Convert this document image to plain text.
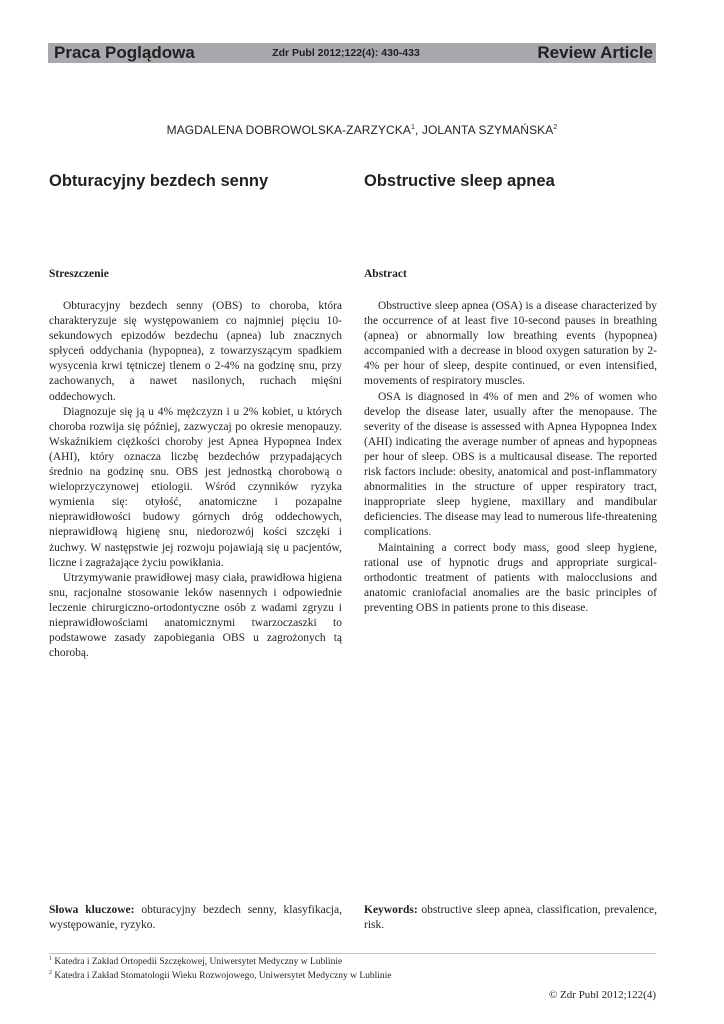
Praca Poglądowa	Zdr Publ 2012;122(4): 430-433	Review Article
MAGDALENA DOBROWOLSKA-ZARZYCKA$^1$, JOLANTA SZYMAŃSKA$^2$
Obturacyjny bezdech senny	Obstructive sleep apnea
Streszczenie	Abstract

Obturacyjny bezdech senny (OBS) to choroba, która charakteryzuje się występowaniem co najmniej pięciu 10-sekundowych epizodów bezdechu (apnea) lub znacznych spłyceń oddychania (hypopnea), z towarzyszącym spadkiem wysycenia krwi tętniczej tlenem o 2-4% na godzinę snu, przy zachowanych, a nawet nasilonych, ruchach mięśni oddechowych.

Diagnozuje się ją u 4% mężczyzn i u 2% kobiet, u których choroba rozwija się później, zazwyczaj po okresie menopauzy. Wskaźnikiem ciężkości choroby jest Apnea Hypopnea Index (AHI), który oznacza liczbę bezdechów przypadających średnio na godzinę snu. OBS jest jednostką chorobową o wieloprzyczynowej etiologii. Wśród czynników ryzyka wymienia się: otyłość, anatomiczne i pozapalne nieprawidłowości budowy górnych dróg oddechowych, nieprawidłową higienę snu, niedorozwój kości szczęki i żuchwy. W następstwie jej rozwoju pojawiają się u pacjentów, liczne i zagrażające życiu powikłania.

Utrzymywanie prawidłowej masy ciała, prawidłowa higiena snu, racjonalne stosowanie leków nasennych i odpowiednie leczenie chirurgiczno-ortodontyczne osób z wadami zgryzu i nieprawidłowościami anatomicznymi twarzoczaszki to podstawowe zasady zapobiegania OBS u zagrożonych tą chorobą.

Obstructive sleep apnea (OSA) is a disease characterized by the occurrence of at least five 10-second pauses in breathing (apnea) or abnormally low breathing events (hypopnea) accompanied with a decrease in blood oxygen saturation by 2-4% per hour of sleep, despite continued, or even intensified, movements of respiratory muscles.

OSA is diagnosed in 4% of men and 2% of women who develop the disease later, usually after the menopause. The severity of the disease is assessed with Apnea Hypopnea Index (AHI) indicating the average number of apneas and hypopneas per hour of sleep. OBS is a multicausal disease. The reported risk factors include: obesity, anatomical and post-inflammatory abnormalities in the structure of upper respiratory tract, inappropriate sleep hygiene, maxillary and mandibular deficiencies. The disease may lead to numerous life-threatening complications.

Maintaining a correct body mass, good sleep hygiene, rational use of hypnotic drugs and appropriate surgical-orthodontic treatment of patients with malocclusions and anatomic craniofacial anomalies are the basic principles of preventing OBS in patients prone to this disease.

Słowa kluczowe: obturacyjny bezdech senny, klasyfikacja, występowanie, ryzyko.
Keywords: obstructive sleep apnea, classification, prevalence, risk.
$^1$ Katedra i Zakład Ortopedii Szczękowej, Uniwersytet Medyczny w Lublinie
$^2$ Katedra i Zakład Stomatologii Wieku Rozwojowego, Uniwersytet Medyczny w Lublinie
© Zdr Publ 2012;122(4)
